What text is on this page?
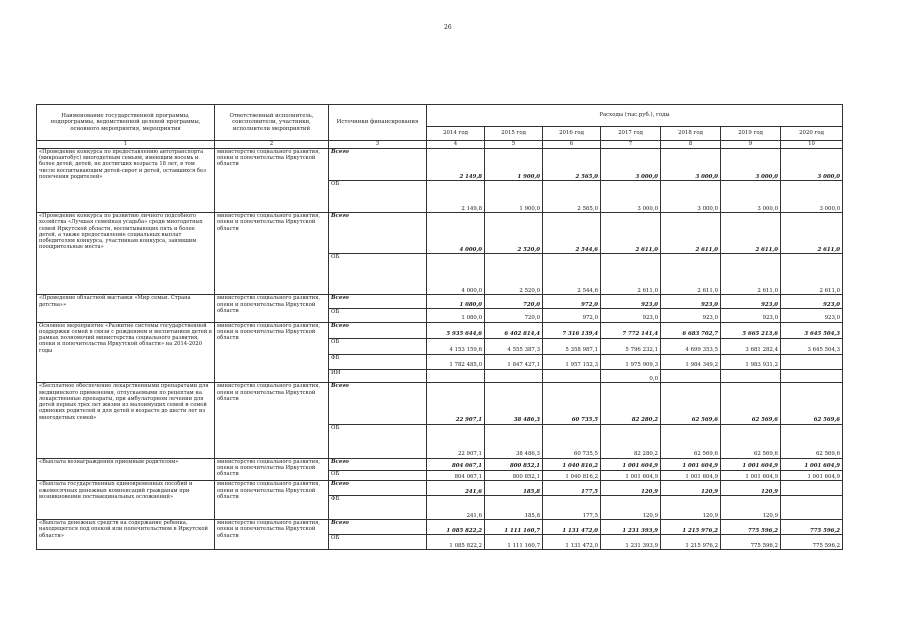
26
Наименование государственной программы, подпрограммы, ведомственной целевой программы, основного мероприятия, мероприятия	Ответственный исполнитель, соисполнители, участники, исполнители мероприятий	Источники финансирования	Расходы (тыс.руб.), годы						
			2014 год	2015 год	2016 год	2017 год	2018 год	2019 год	2020 год
1	2	3	4	5	6	7	8	9	10
«Проведение конкурса по предоставлению автотранспорта (микроавтобус) многодетным семьям, имеющим восемь и более детей, детей, не достигших возраста 18 лет, в том числе воспитывающим детей-сирот и детей, оставшихся без попечения родителей»	министерство социального развития, опеки и попечительства Иркутской области	Всего	2 149,8	1 900,0	2 565,0	3 000,0	3 000,0	3 000,0	3 000,0
		ОБ	2 149,8	1 900,0	2 565,0	3 000,0	3 000,0	3 000,0	3 000,0
«Проведение конкурса по развитию личного подсобного хозяйства «Лучшая семейная усадьба» среди многодетных семей Иркутской области, воспитывающих пять и более детей, а также предоставление социальных выплат победителям конкурса, участникам конкурса, занявшим поощрительные места»	министерство социального развития, опеки и попечительства Иркутской области	Всего	4 000,0	2 520,0	2 544,6	2 611,0	2 611,0	2 611,0	2 611,0
		ОБ	4 000,0	2 520,0	2 544,6	2 611,0	2 611,0	2 611,0	2 611,0
«Проведение областной выставки «Мир семьи. Страна детства»»	министерство социального развития, опеки и попечительства Иркутской области	Всего	1 080,0	720,0	972,0	923,0	923,0	923,0	923,0
		ОБ	1 080,0	720,0	972,0	923,0	923,0	923,0	923,0
Основное мероприятие «Развитие системы государственной поддержки семей в связи с рождением и воспитанием детей в рамках полномочий министерства социального развития, опеки и попечительства Иркутской области» на 2014-2020 годы	министерство социального развития, опеки и попечительства Иркутской области	Всего	5 935 644,6	6 402 814,4	7 316 139,4	7 772 141,4	6 683 702,7	5 665 213,6	3 645 504,3
		ОБ	4 153 159,6	4 555 387,3	5 358 987,1	5 796 232,1	4 699 353,5	3 681 282,4	3 645 504,3
		ФБ	1 782 485,0	1 847 427,1	1 957 152,3	1 975 909,3	1 984 349,2	1 983 931,2	
		ИИ				0,0			
«Бесплатное обеспечение лекарственными препаратами для медицинского применения, отпускаемыми по рецептам на лекарственные препараты, при амбулаторном лечении для детей первых трех лет жизни из малоимущих семей и семей одиноких родителей и для детей в возрасте до шести лет из многодетных семей»	министерство социального развития, опеки и попечительства Иркутской области	Всего	22 907,1	38 486,3	60 735,5	82 280,2	62 569,6	62 569,6	62 569,6
		ОБ	22 907,1	38 486,3	60 735,5	82 280,2	62 569,6	62 569,6	62 569,6
«Выплата вознаграждения приемным родителям»	министерство социального развития, опеки и попечительства Иркутской области	Всего	804 067,1	800 852,1	1 040 816,2	1 001 604,9	1 001 604,9	1 001 604,9	1 001 604,9
		ОБ	804 067,1	800 852,1	1 040 816,2	1 001 604,9	1 001 604,9	1 001 604,9	1 001 604,9
«Выплата государственных единовременных пособий и ежемесячных денежных компенсаций гражданам при возникновении поствакцинальных осложнений»	министерство социального развития, опеки и попечительства Иркутской области	Всего	241,6	185,8	177,5	120,9	120,9	120,9	
		ФБ	241,6	185,8	177,5	120,9	120,9	120,9	
«Выплата денежных средств на содержание ребенка, находящегося под опекой или попечительством в Иркутской области»	министерство социального развития, опеки и попечительства Иркутской области	Всего	1 085 822,2	1 111 160,7	1 131 472,0	1 231 393,9	1 215 976,2	775 596,2	775 596,2
		ОБ	1 085 822,2	1 111 160,7	1 131 472,0	1 231 393,9	1 215 976,2	775 596,2	775 596,2
